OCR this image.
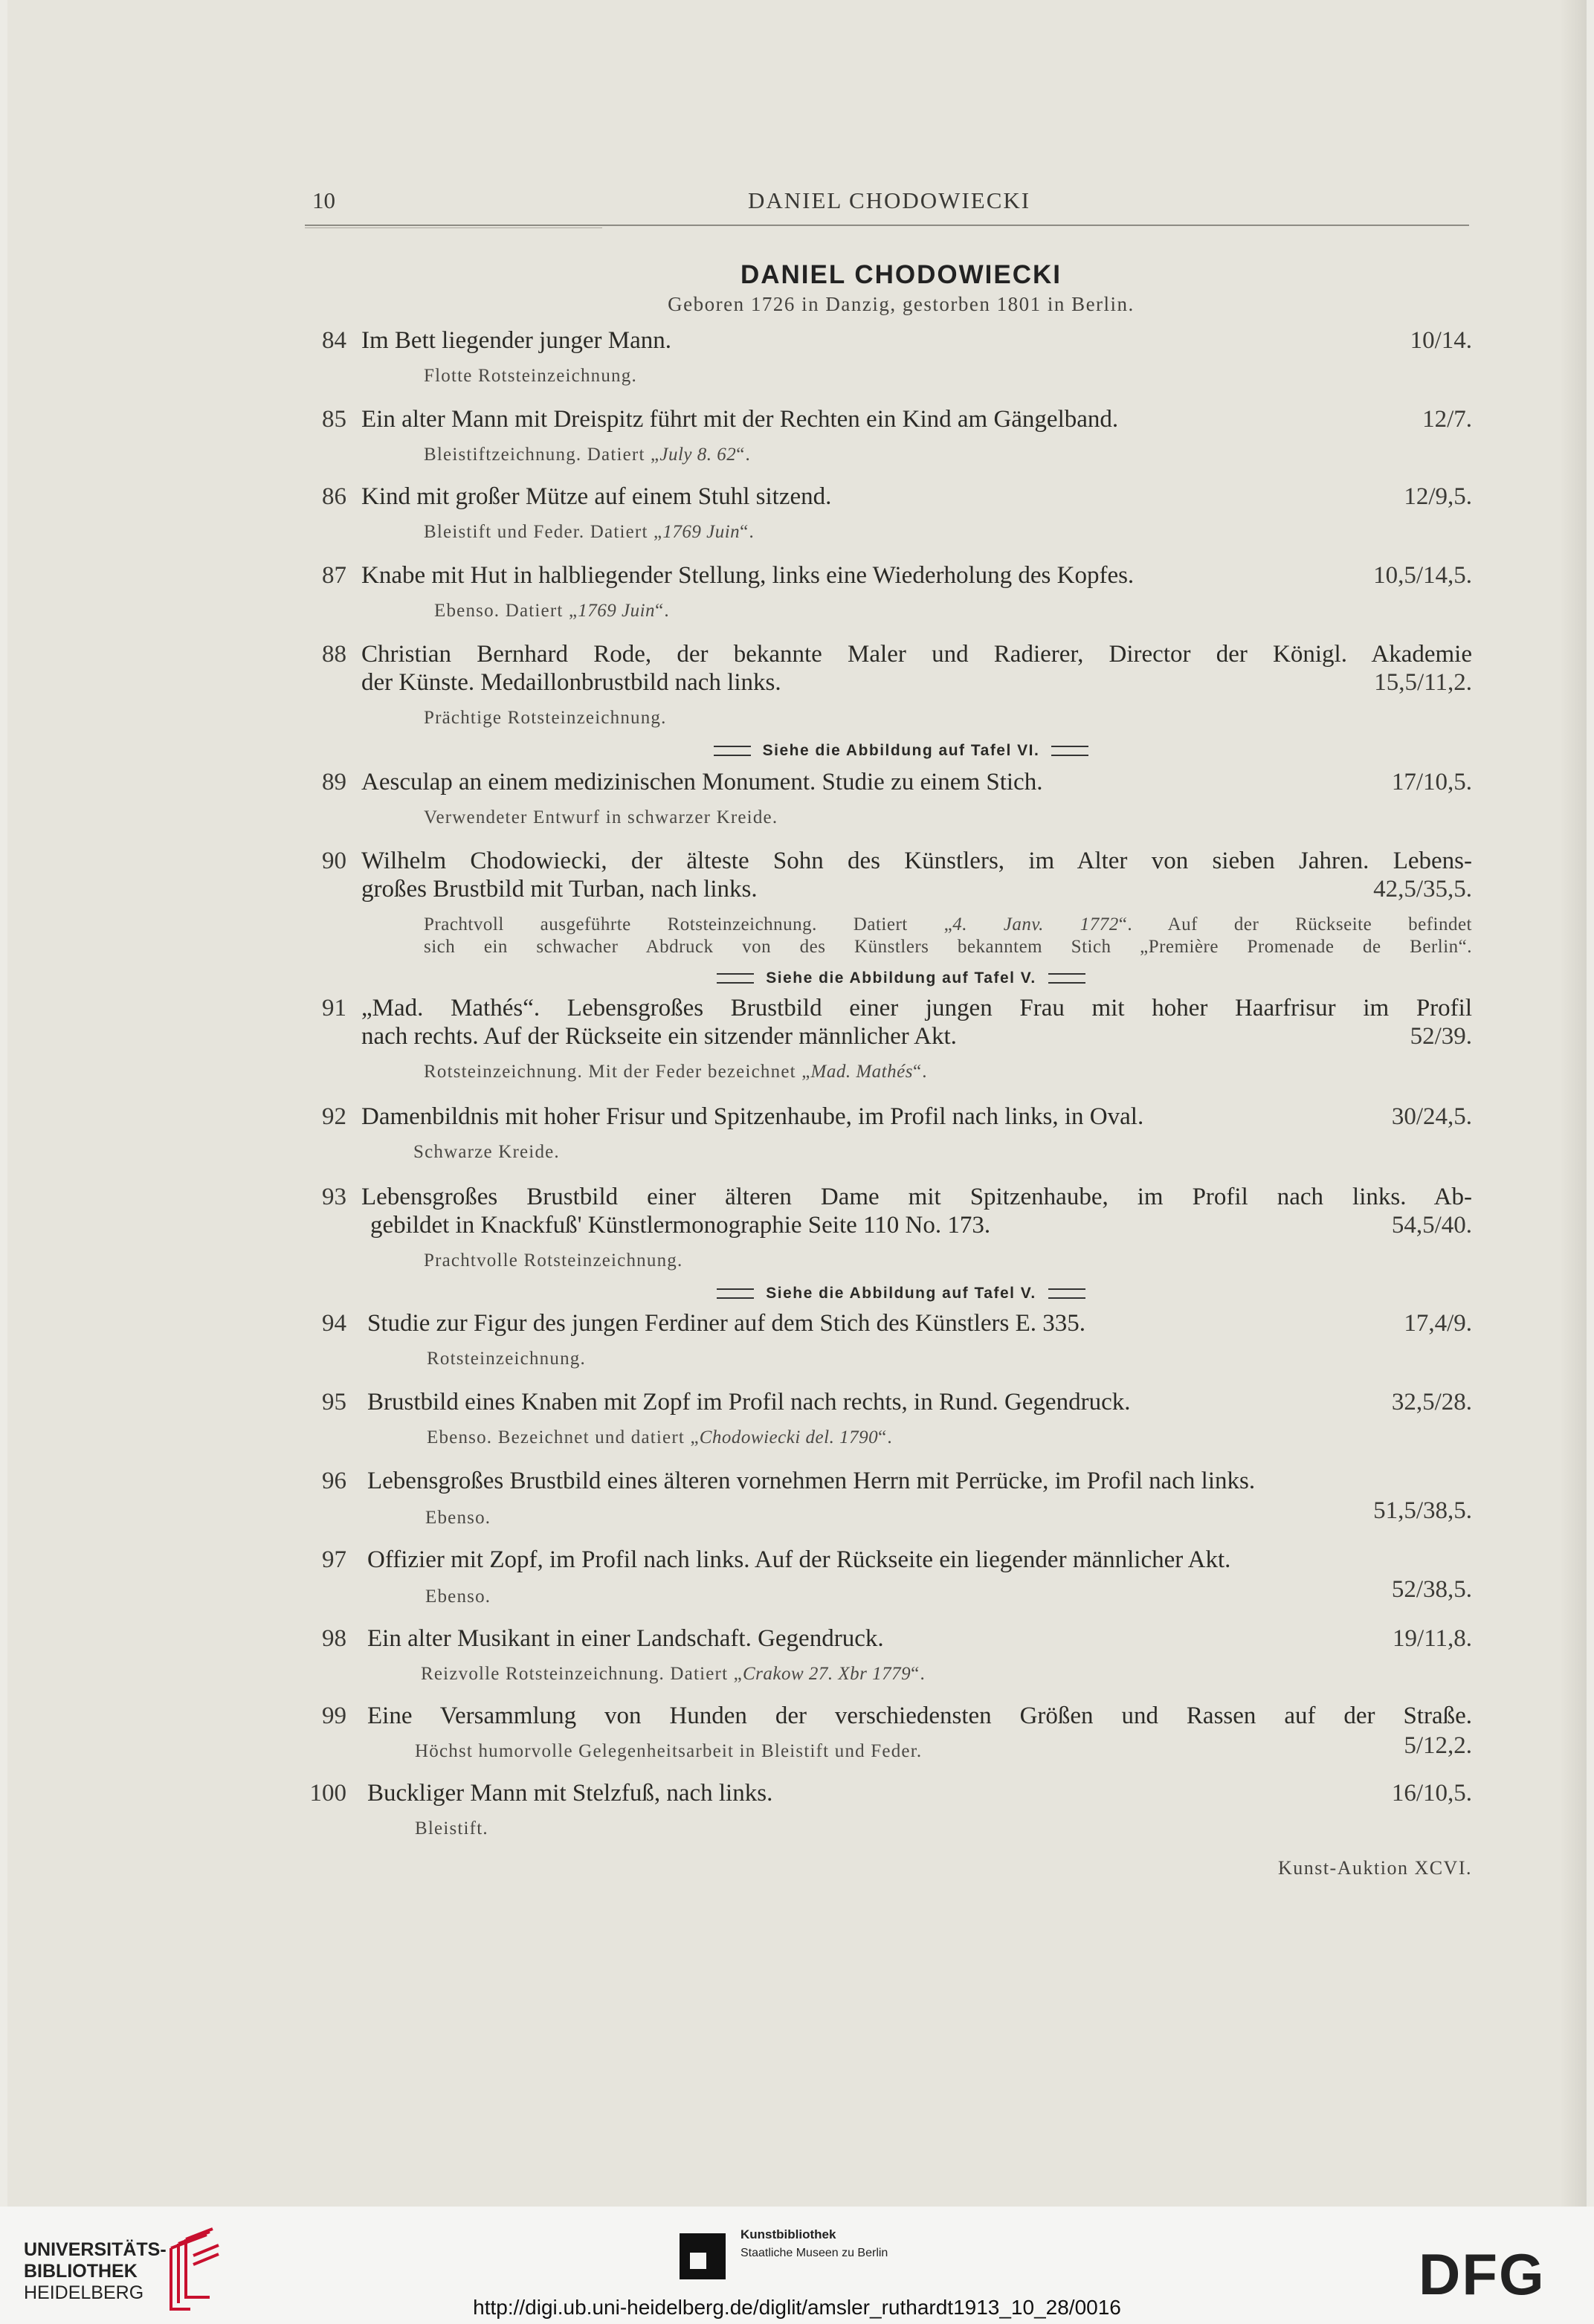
10	DANIEL CHODOWIECKI
DANIEL CHODOWIECKI
Geboren 1726 in Danzig, gestorben 1801 in Berlin.
84 Im Bett liegender junger Mann.	10/14.
Flotte Rotsteinzeichnung.
85 Ein alter Mann mit Dreispitz führt mit der Rechten ein Kind am Gängelband.	12/7.
Bleistiftzeichnung. Datiert „July 8. 62“.
86 Kind mit großer Mütze auf einem Stuhl sitzend.	12/9,5.
Bleistift und Feder. Datiert „1769 Juin“.
87 Knabe mit Hut in halbliegender Stellung, links eine Wiederholung des Kopfes.	10,5/14,5.
Ebenso. Datiert „1769 Juin“.
88 Christian Bernhard Rode, der bekannte Maler und Radierer, Director der Königl. Akademie
der Künste. Medaillonbrustbild nach links.	15,5/11,2.
Prächtige Rotsteinzeichnung.
Siehe die Abbildung auf Tafel VI.
89 Aesculap an einem medizinischen Monument. Studie zu einem Stich.	17/10,5.
Verwendeter Entwurf in schwarzer Kreide.
90 Wilhelm Chodowiecki, der älteste Sohn des Künstlers, im Alter von sieben Jahren. Lebens-
großes Brustbild mit Turban, nach links.	42,5/35,5.
Prachtvoll ausgeführte Rotsteinzeichnung. Datiert „4. Janv. 1772“. Auf der Rückseite befindet
sich ein schwacher Abdruck von des Künstlers bekanntem Stich „Première Promenade de Berlin“.
Siehe die Abbildung auf Tafel V.
91 „Mad. Mathés“. Lebensgroßes Brustbild einer jungen Frau mit hoher Haarfrisur im Profil
nach rechts. Auf der Rückseite ein sitzender männlicher Akt.	52/39.
Rotsteinzeichnung. Mit der Feder bezeichnet „Mad. Mathés“.
92 Damenbildnis mit hoher Frisur und Spitzenhaube, im Profil nach links, in Oval.	30/24,5.
Schwarze Kreide.
93 Lebensgroßes Brustbild einer älteren Dame mit Spitzenhaube, im Profil nach links. Ab-
gebildet in Knackfuß' Künstlermonographie Seite 110 No. 173.	54,5/40.
Prachtvolle Rotsteinzeichnung.
Siehe die Abbildung auf Tafel V.
94 Studie zur Figur des jungen Ferdiner auf dem Stich des Künstlers E. 335.	17,4/9.
Rotsteinzeichnung.
95 Brustbild eines Knaben mit Zopf im Profil nach rechts, in Rund. Gegendruck.	32,5/28.
Ebenso. Bezeichnet und datiert „Chodowiecki del. 1790“.
96 Lebensgroßes Brustbild eines älteren vornehmen Herrn mit Perrücke, im Profil nach links.
Ebenso.	51,5/38,5.
97 Offizier mit Zopf, im Profil nach links. Auf der Rückseite ein liegender männlicher Akt.
Ebenso.	52/38,5.
98 Ein alter Musikant in einer Landschaft. Gegendruck.	19/11,8.
Reizvolle Rotsteinzeichnung. Datiert „Crakow 27. Xbr 1779“.
99 Eine Versammlung von Hunden der verschiedensten Größen und Rassen auf der Straße.
Höchst humorvolle Gelegenheitsarbeit in Bleistift und Feder.	5/12,2.
100 Buckliger Mann mit Stelzfuß, nach links.	16/10,5.
Bleistift.
Kunst-Auktion XCVI.
UNIVERSITÄTS-
BIBLIOTHEK
HEIDELBERG
Kunstbibliothek
Staatliche Museen zu Berlin	DFG
http://digi.ub.uni-heidelberg.de/diglit/amsler_ruthardt1913_10_28/0016
